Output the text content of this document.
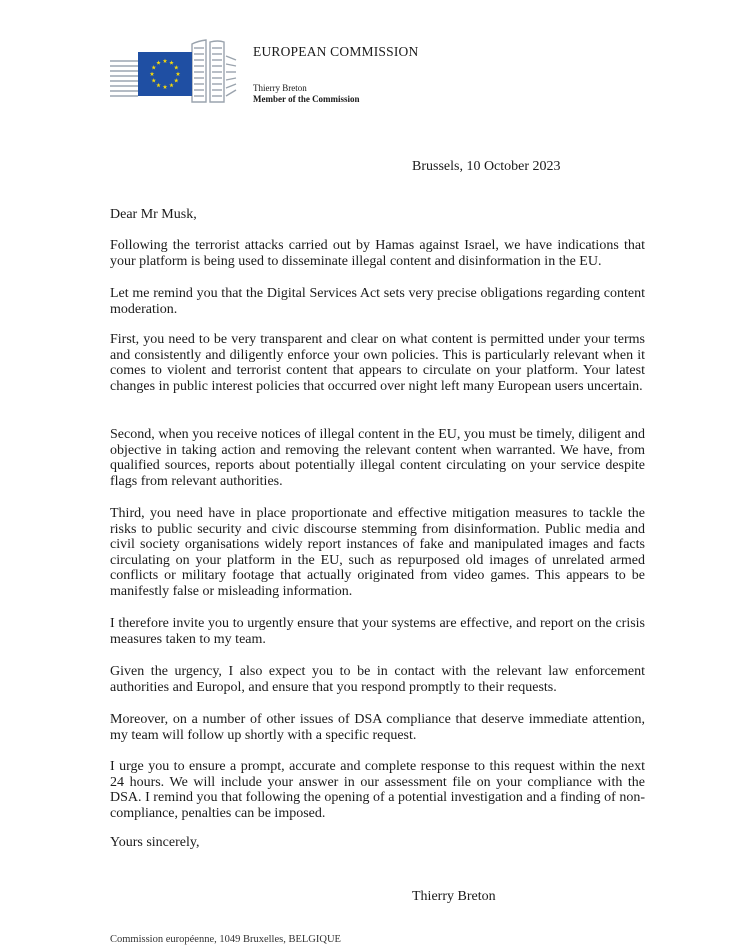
EUROPEAN COMMISSION
Thierry Breton
Member of the Commission
Brussels, 10 October 2023
Dear Mr Musk,

Following the terrorist attacks carried out by Hamas against Israel, we have indications that your platform is being used to disseminate illegal content and disinformation in the EU.

Let me remind you that the Digital Services Act sets very precise obligations regarding content moderation.

First, you need to be very transparent and clear on what content is permitted under your terms and consistently and diligently enforce your own policies. This is particularly relevant when it comes to violent and terrorist content that appears to circulate on your platform. Your latest changes in public interest policies that occurred over night left many European users uncertain.

Second, when you receive notices of illegal content in the EU, you must be timely, diligent and objective in taking action and removing the relevant content when warranted. We have, from qualified sources, reports about potentially illegal content circulating on your service despite flags from relevant authorities.

Third, you need have in place proportionate and effective mitigation measures to tackle the risks to public security and civic discourse stemming from disinformation. Public media and civil society organisations widely report instances of fake and manipulated images and facts circulating on your platform in the EU, such as repurposed old images of unrelated armed conflicts or military footage that actually originated from video games. This appears to be manifestly false or misleading information.

I therefore invite you to urgently ensure that your systems are effective, and report on the crisis measures taken to my team.

Given the urgency, I also expect you to be in contact with the relevant law enforcement authorities and Europol, and ensure that you respond promptly to their requests.

Moreover, on a number of other issues of DSA compliance that deserve immediate attention, my team will follow up shortly with a specific request.

I urge you to ensure a prompt, accurate and complete response to this request within the next 24 hours. We will include your answer in our assessment file on your compliance with the DSA. I remind you that following the opening of a potential investigation and a finding of non-compliance, penalties can be imposed.

Yours sincerely,
Thierry Breton
Commission européenne, 1049 Bruxelles, BELGIQUE
